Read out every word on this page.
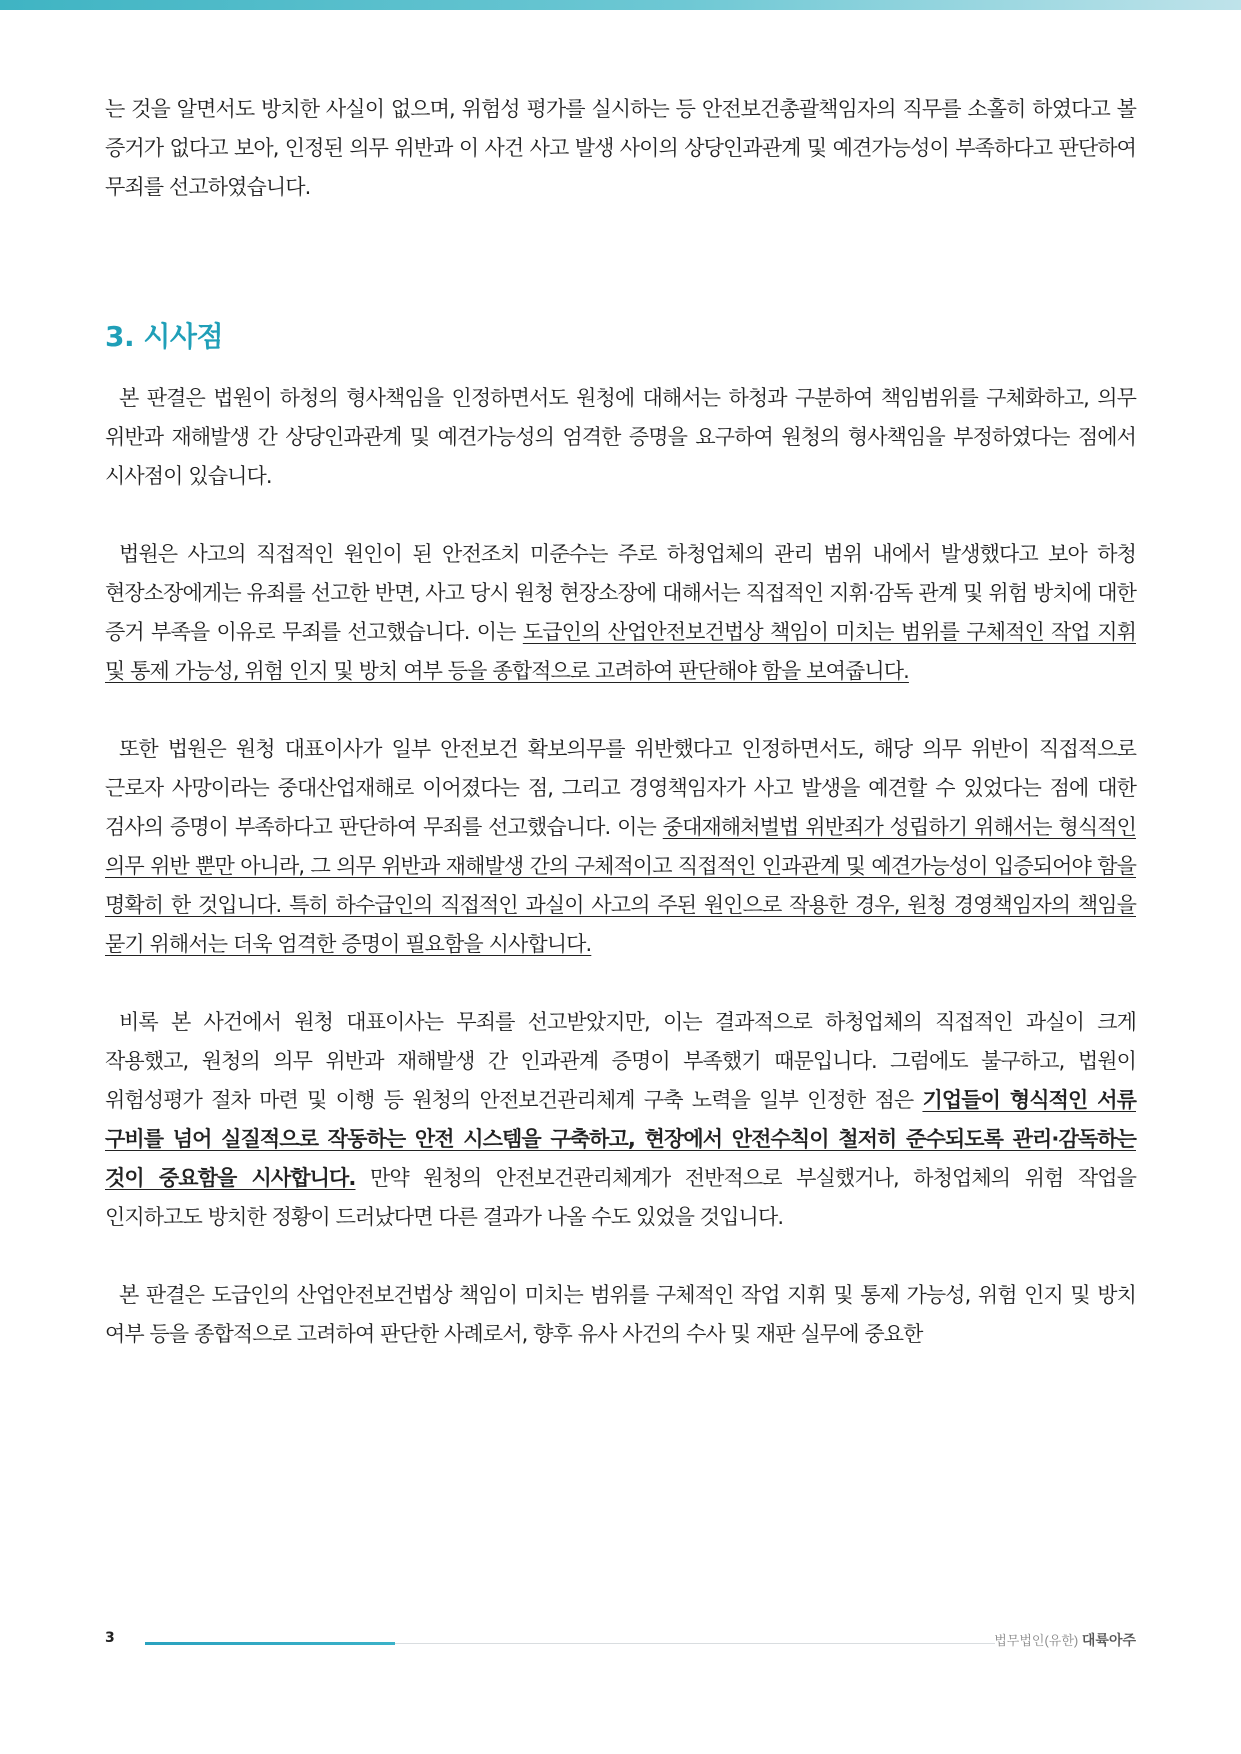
는 것을 알면서도 방치한 사실이 없으며, 위험성 평가를 실시하는 등 안전보건총괄책임자의 직무를 소홀히 하였다고 볼 증거가 없다고 보아, 인정된 의무 위반과 이 사건 사고 발생 사이의 상당인과관계 및 예견가능성이 부족하다고 판단하여 무죄를 선고하였습니다.

3. 시사점

본 판결은 법원이 하청의 형사책임을 인정하면서도 원청에 대해서는 하청과 구분하여 책임범위를 구체화하고, 의무 위반과 재해발생 간 상당인과관계 및 예견가능성의 엄격한 증명을 요구하여 원청의 형사책임을 부정하였다는 점에서 시사점이 있습니다.

법원은 사고의 직접적인 원인이 된 안전조치 미준수는 주로 하청업체의 관리 범위 내에서 발생했다고 보아 하청 현장소장에게는 유죄를 선고한 반면, 사고 당시 원청 현장소장에 대해서는 직접적인 지휘·감독 관계 및 위험 방치에 대한 증거 부족을 이유로 무죄를 선고했습니다. 이는 도급인의 산업안전보건법상 책임이 미치는 범위를 구체적인 작업 지휘 및 통제 가능성, 위험 인지 및 방치 여부 등을 종합적으로 고려하여 판단해야 함을 보여줍니다.

또한 법원은 원청 대표이사가 일부 안전보건 확보의무를 위반했다고 인정하면서도, 해당 의무 위반이 직접적으로 근로자 사망이라는 중대산업재해로 이어졌다는 점, 그리고 경영책임자가 사고 발생을 예견할 수 있었다는 점에 대한 검사의 증명이 부족하다고 판단하여 무죄를 선고했습니다. 이는 중대재해처벌법 위반죄가 성립하기 위해서는 형식적인 의무 위반 뿐만 아니라, 그 의무 위반과 재해발생 간의 구체적이고 직접적인 인과관계 및 예견가능성이 입증되어야 함을 명확히 한 것입니다. 특히 하수급인의 직접적인 과실이 사고의 주된 원인으로 작용한 경우, 원청 경영책임자의 책임을 묻기 위해서는 더욱 엄격한 증명이 필요함을 시사합니다.

비록 본 사건에서 원청 대표이사는 무죄를 선고받았지만, 이는 결과적으로 하청업체의 직접적인 과실이 크게 작용했고, 원청의 의무 위반과 재해발생 간 인과관계 증명이 부족했기 때문입니다. 그럼에도 불구하고, 법원이 위험성평가 절차 마련 및 이행 등 원청의 안전보건관리체계 구축 노력을 일부 인정한 점은 기업들이 형식적인 서류 구비를 넘어 실질적으로 작동하는 안전 시스템을 구축하고, 현장에서 안전수칙이 철저히 준수되도록 관리·감독하는 것이 중요함을 시사합니다. 만약 원청의 안전보건관리체계가 전반적으로 부실했거나, 하청업체의 위험 작업을 인지하고도 방치한 정황이 드러났다면 다른 결과가 나올 수도 있었을 것입니다.

본 판결은 도급인의 산업안전보건법상 책임이 미치는 범위를 구체적인 작업 지휘 및 통제 가능성, 위험 인지 및 방치 여부 등을 종합적으로 고려하여 판단한 사례로서, 향후 유사 사건의 수사 및 재판 실무에 중요한

3	법무법인(유한) 대륙아주
